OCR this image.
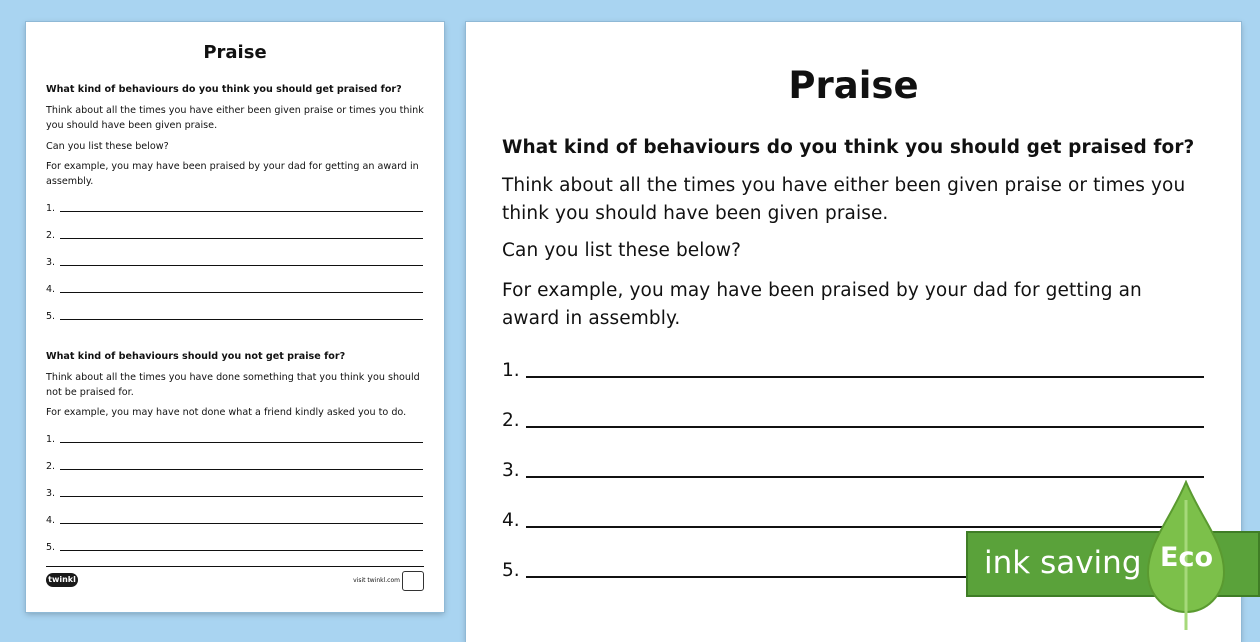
Praise
What kind of behaviours do you think you should get praised for?
Think about all the times you have either been given praise or times you think you should have been given praise.
Can you list these below?
For example, you may have been praised by your dad for getting an award in assembly.
1.
2.
3.
4.
5.
What kind of behaviours should you not get praise for?
Think about all the times you have done something that you think you should not be praised for.
For example, you may have not done what a friend kindly asked you to do.
1.
2.
3.
4.
5.
twinkl	visit twinkl.com
Praise
What kind of behaviours do you think you should get praised for?
Think about all the times you have either been given praise or times you think you should have been given praise.
Can you list these below?
For example, you may have been praised by your dad for getting an award in assembly.
1.
2.
3.
4.
5.	ink saving Eco
